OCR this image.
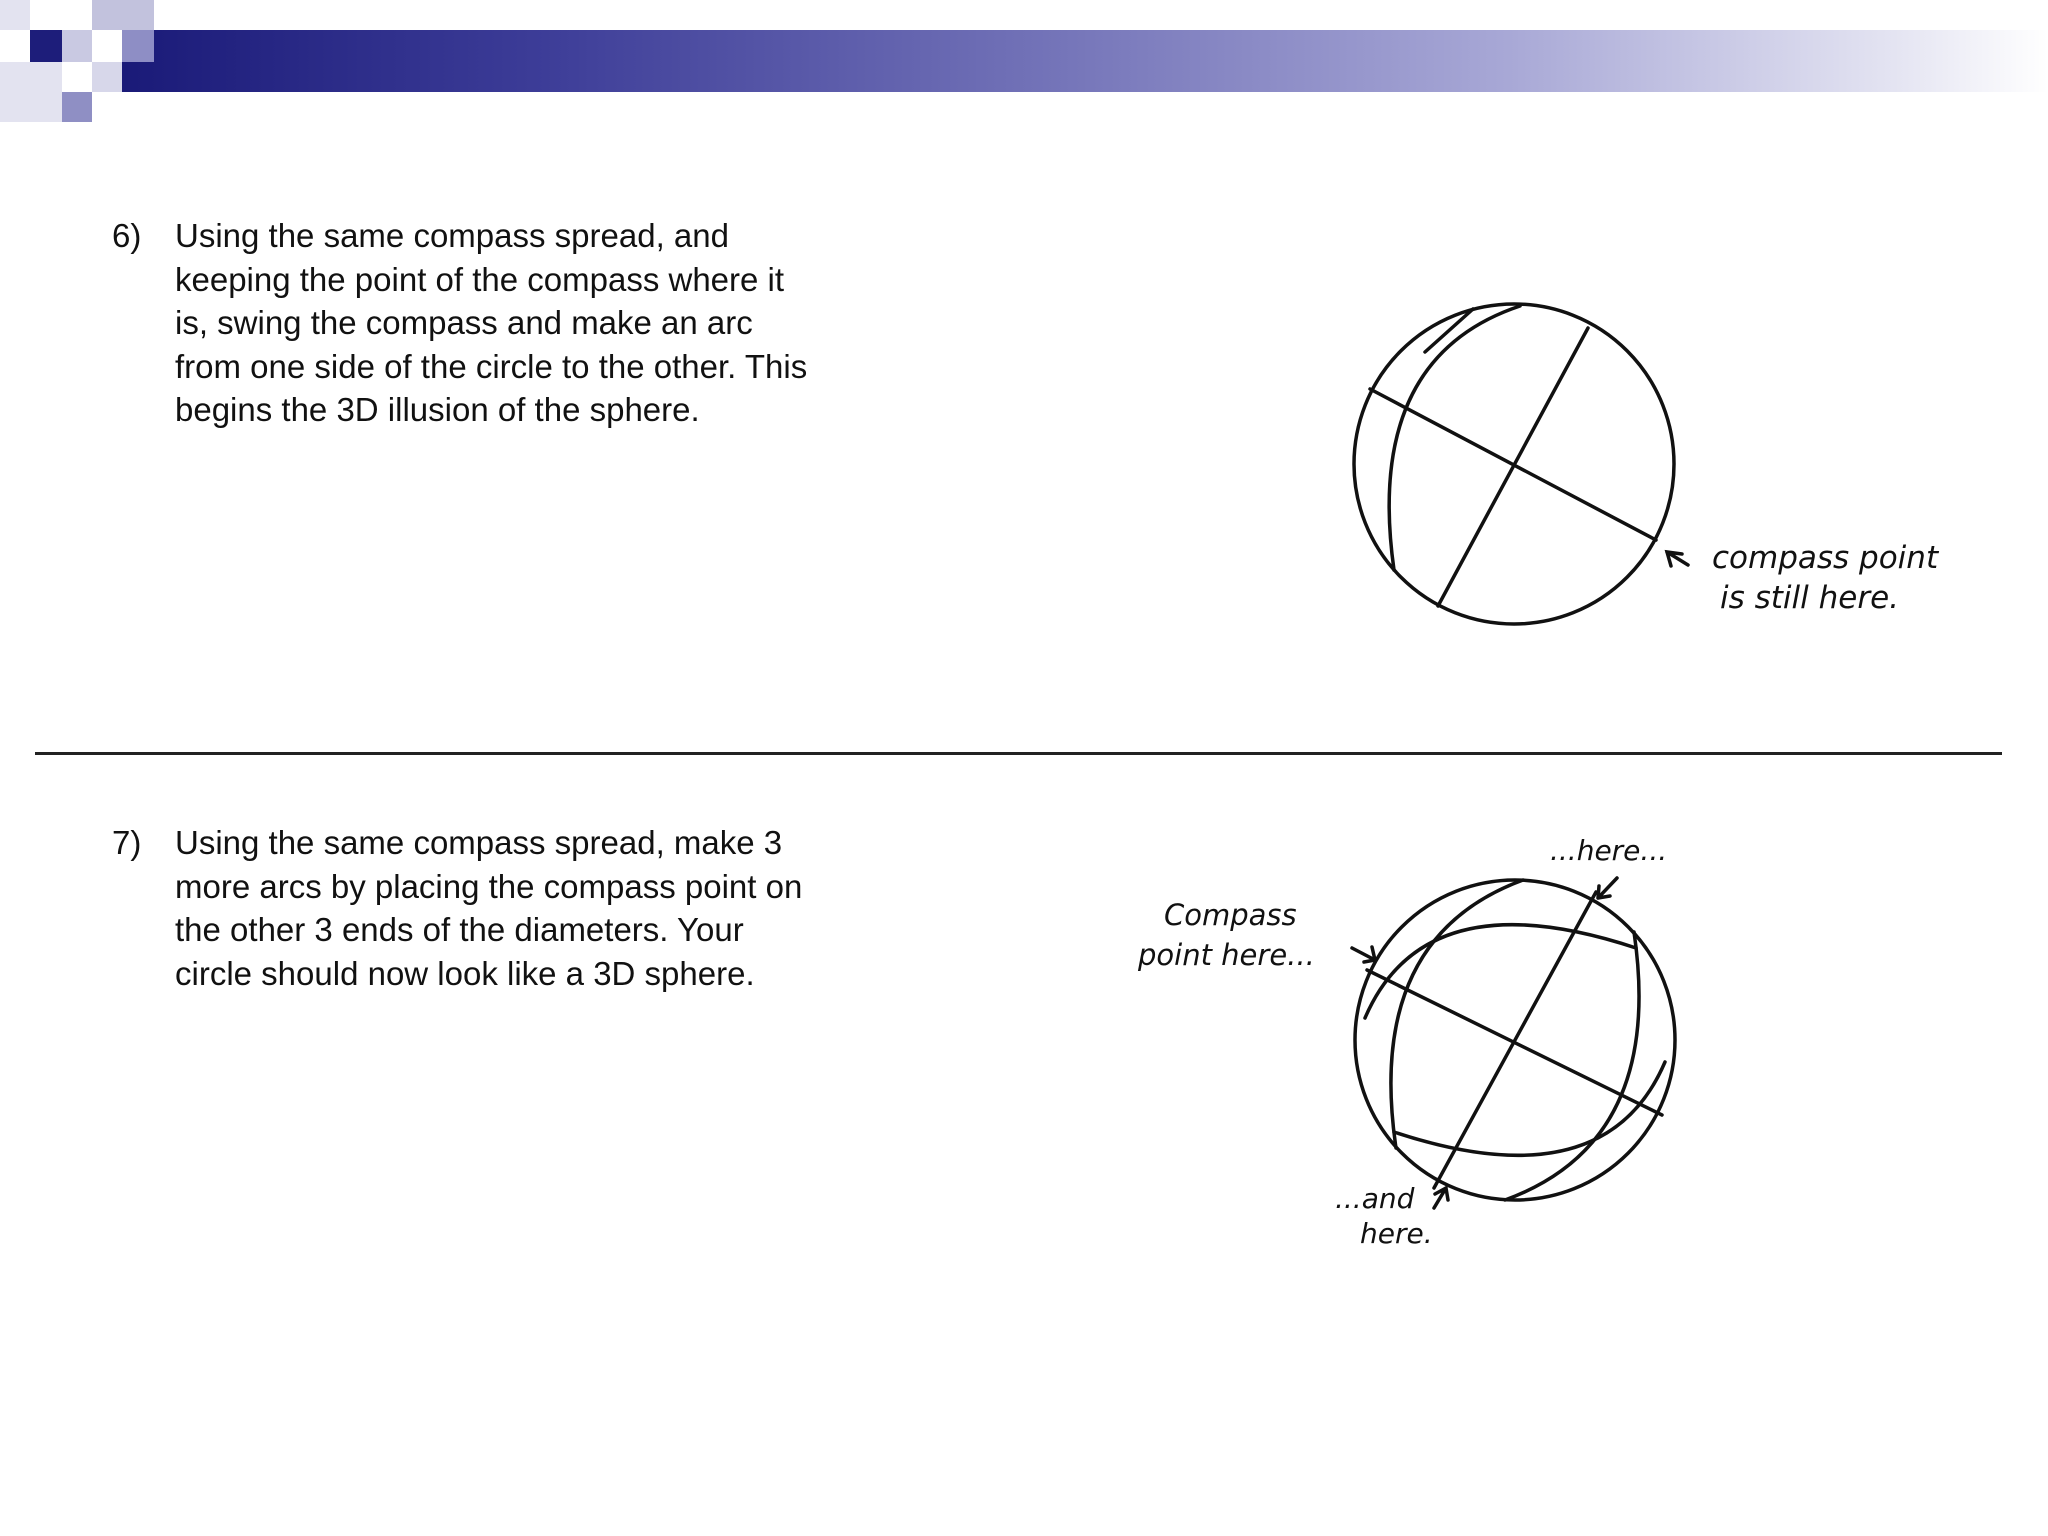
6) Using the same compass spread, and
keeping the point of the compass where it
is, swing the compass and make an arc
from one side of the circle to the other. This
begins the 3D illusion of the sphere.
compass point
is still here.
7) Using the same compass spread, make 3
more arcs by placing the compass point on
the other 3 ends of the diameters. Your
circle should now look like a 3D sphere.
...here...
Compass
point here...
...and
here.
